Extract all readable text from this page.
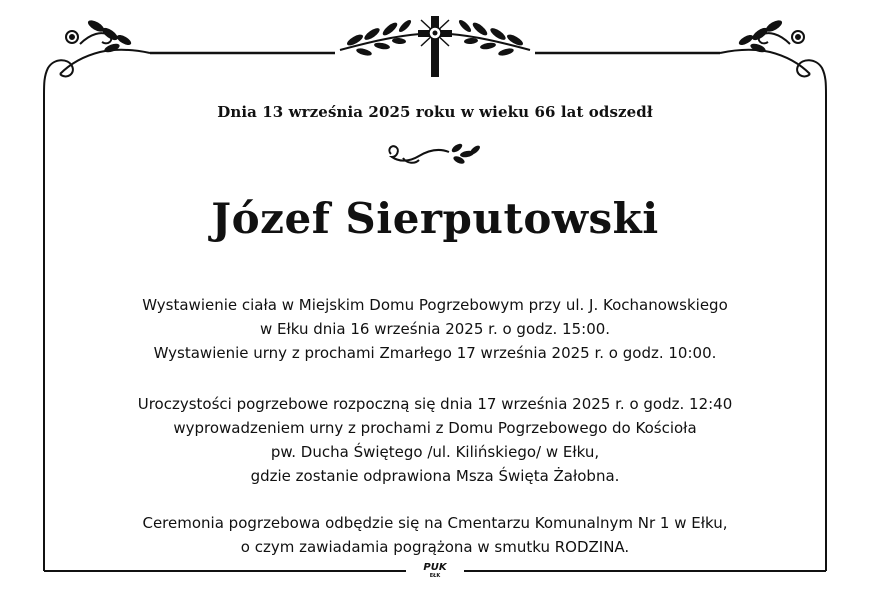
Dnia 13 września 2025 roku w wieku 66 lat odszedł
Józef Sierputowski
Wystawienie ciała w Miejskim Domu Pogrzebowym przy ul. J. Kochanowskiego
w Ełku dnia 16 września 2025 r. o godz. 15:00.
Wystawienie urny z prochami Zmarłego 17 września 2025 r. o godz. 10:00.
Uroczystości pogrzebowe rozpoczną się dnia 17 września 2025 r. o godz. 12:40
wyprowadzeniem urny z prochami z Domu Pogrzebowego do Kościoła
pw. Ducha Świętego /ul. Kilińskiego/ w Ełku,
gdzie zostanie odprawiona Msza Święta Żałobna.
Ceremonia pogrzebowa odbędzie się na Cmentarzu Komunalnym Nr 1 w Ełku,
o czym zawiadamia pogrążona w smutku RODZINA.
PUK
EŁK
